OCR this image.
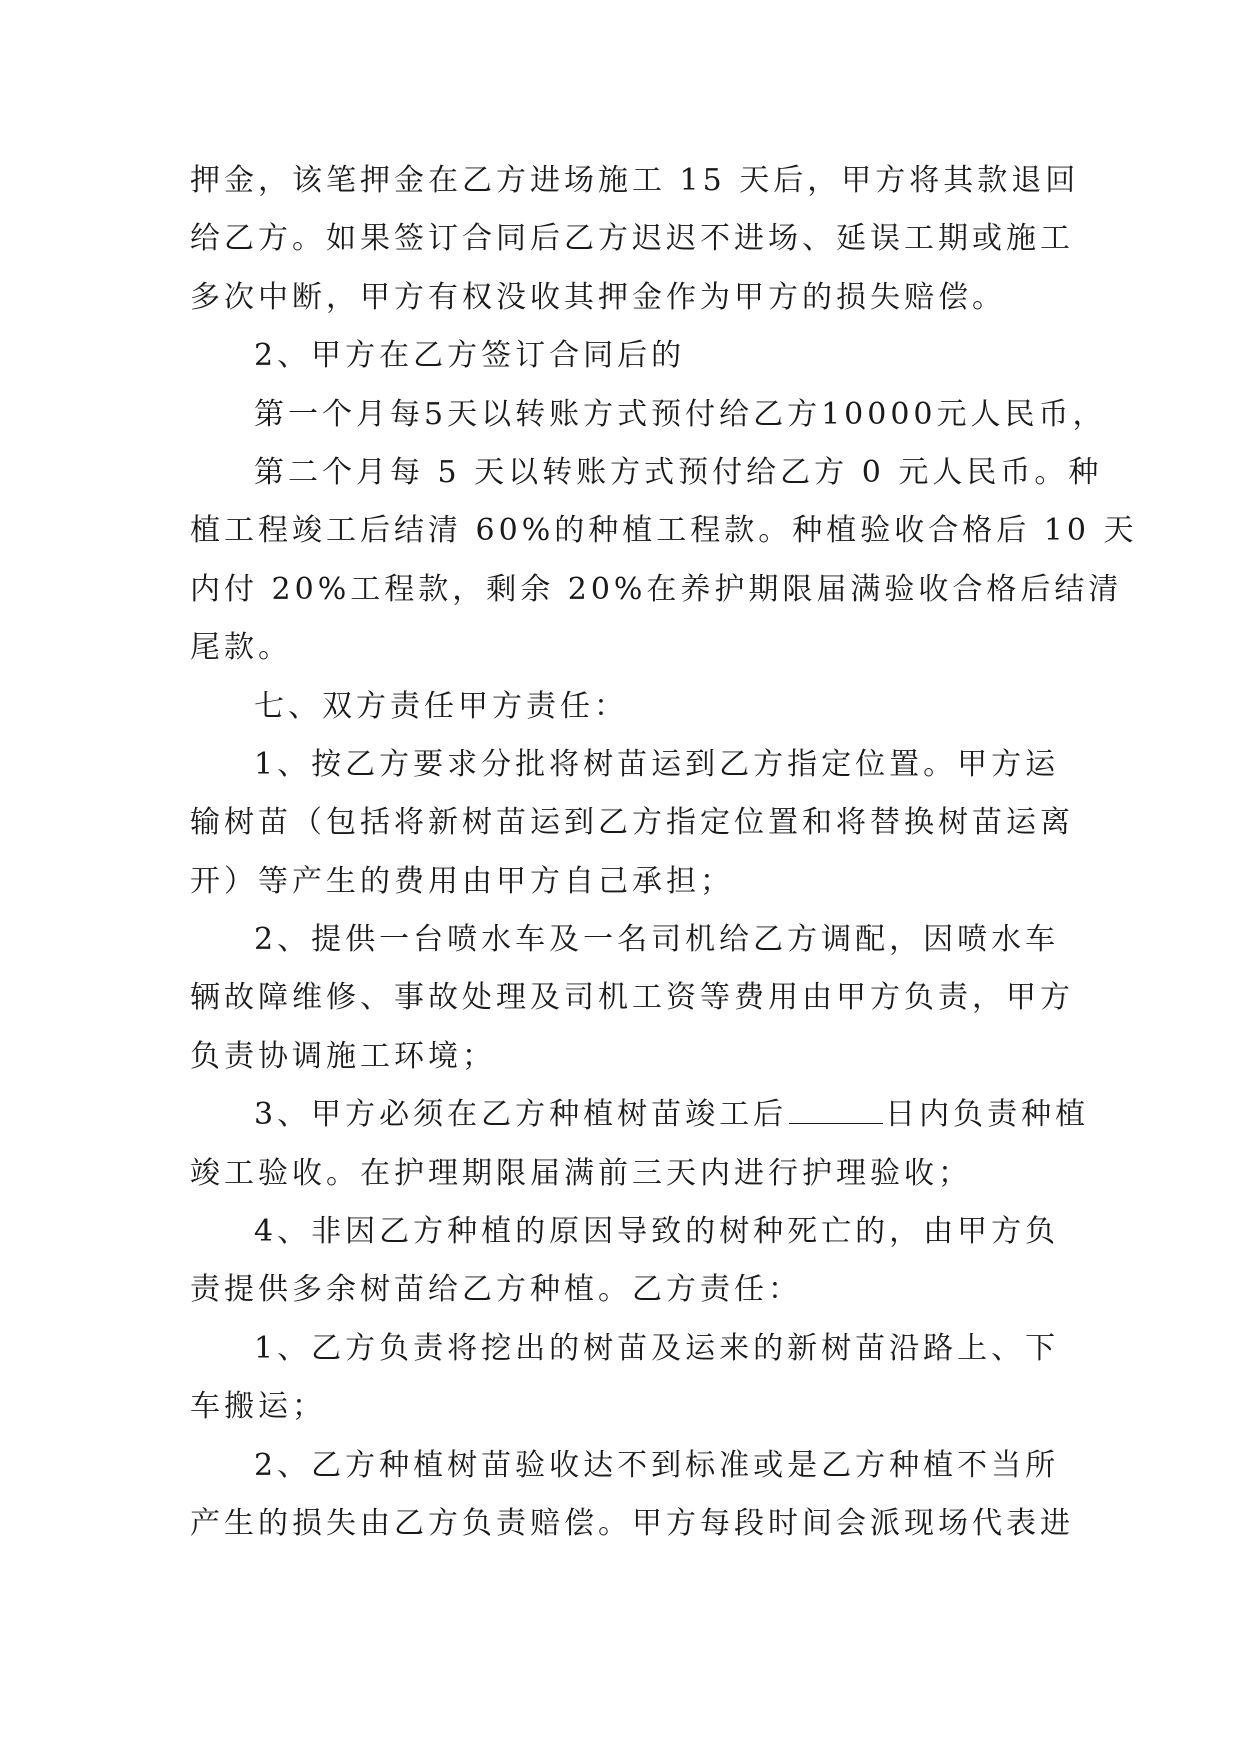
押金，该笔押金在乙方进场施工 15 天后，甲方将其款退回
给乙方。如果签订合同后乙方迟迟不进场、延误工期或施工
多次中断，甲方有权没收其押金作为甲方的损失赔偿。
2、甲方在乙方签订合同后的
第一个月每5天以转账方式预付给乙方10000元人民币，
第二个月每 5 天以转账方式预付给乙方 0 元人民币。种
植工程竣工后结清 60%的种植工程款。种植验收合格后 10 天
内付 20%工程款，剩余 20%在养护期限届满验收合格后结清
尾款。
七、双方责任甲方责任：
1、按乙方要求分批将树苗运到乙方指定位置。甲方运
输树苗（包括将新树苗运到乙方指定位置和将替换树苗运离
开）等产生的费用由甲方自己承担；
2、提供一台喷水车及一名司机给乙方调配，因喷水车
辆故障维修、事故处理及司机工资等费用由甲方负责，甲方
负责协调施工环境；
3、甲方必须在乙方种植树苗竣工后	日内负责种植
竣工验收。在护理期限届满前三天内进行护理验收；
4、非因乙方种植的原因导致的树种死亡的，由甲方负
责提供多余树苗给乙方种植。乙方责任：
1、乙方负责将挖出的树苗及运来的新树苗沿路上、下
车搬运；
2、乙方种植树苗验收达不到标准或是乙方种植不当所
产生的损失由乙方负责赔偿。甲方每段时间会派现场代表进
